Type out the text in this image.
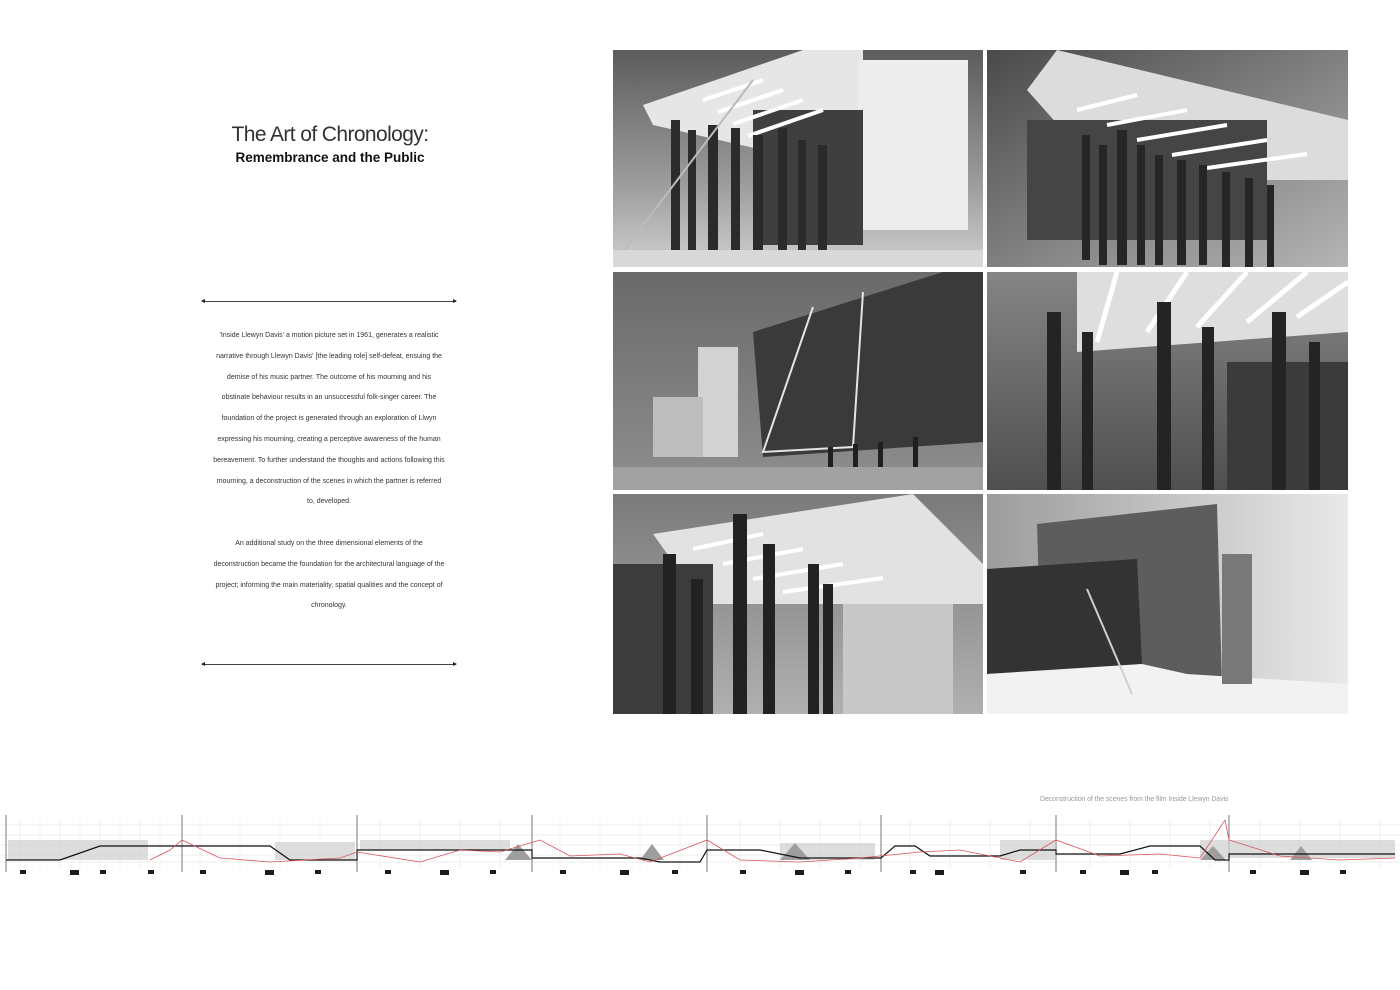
The Art of Chronology:
Remembrance and the Public

'Inside Llewyn Davis' a motion picture set in 1961, generates a realistic narrative through Llewyn Davis' [the leading role] self-defeat, ensuing the demise of his music partner. The outcome of his mourning and his obstinate behaviour results in an unsuccessful folk-singer career. The foundation of the project is generated through an exploration of Llwyn expressing his mourning, creating a perceptive awareness of the human bereavement. To further understand the thoughts and actions following this mourning, a deconstruction of the scenes in which the partner is referred to, developed.

An additional study on the three dimensional elements of the deconstruction became the foundation for the architectural language of the project; informing the main materiality, spatial qualities and the concept of chronology.

Deconstruction of the scenes from the film Inside Llewyn Davis
